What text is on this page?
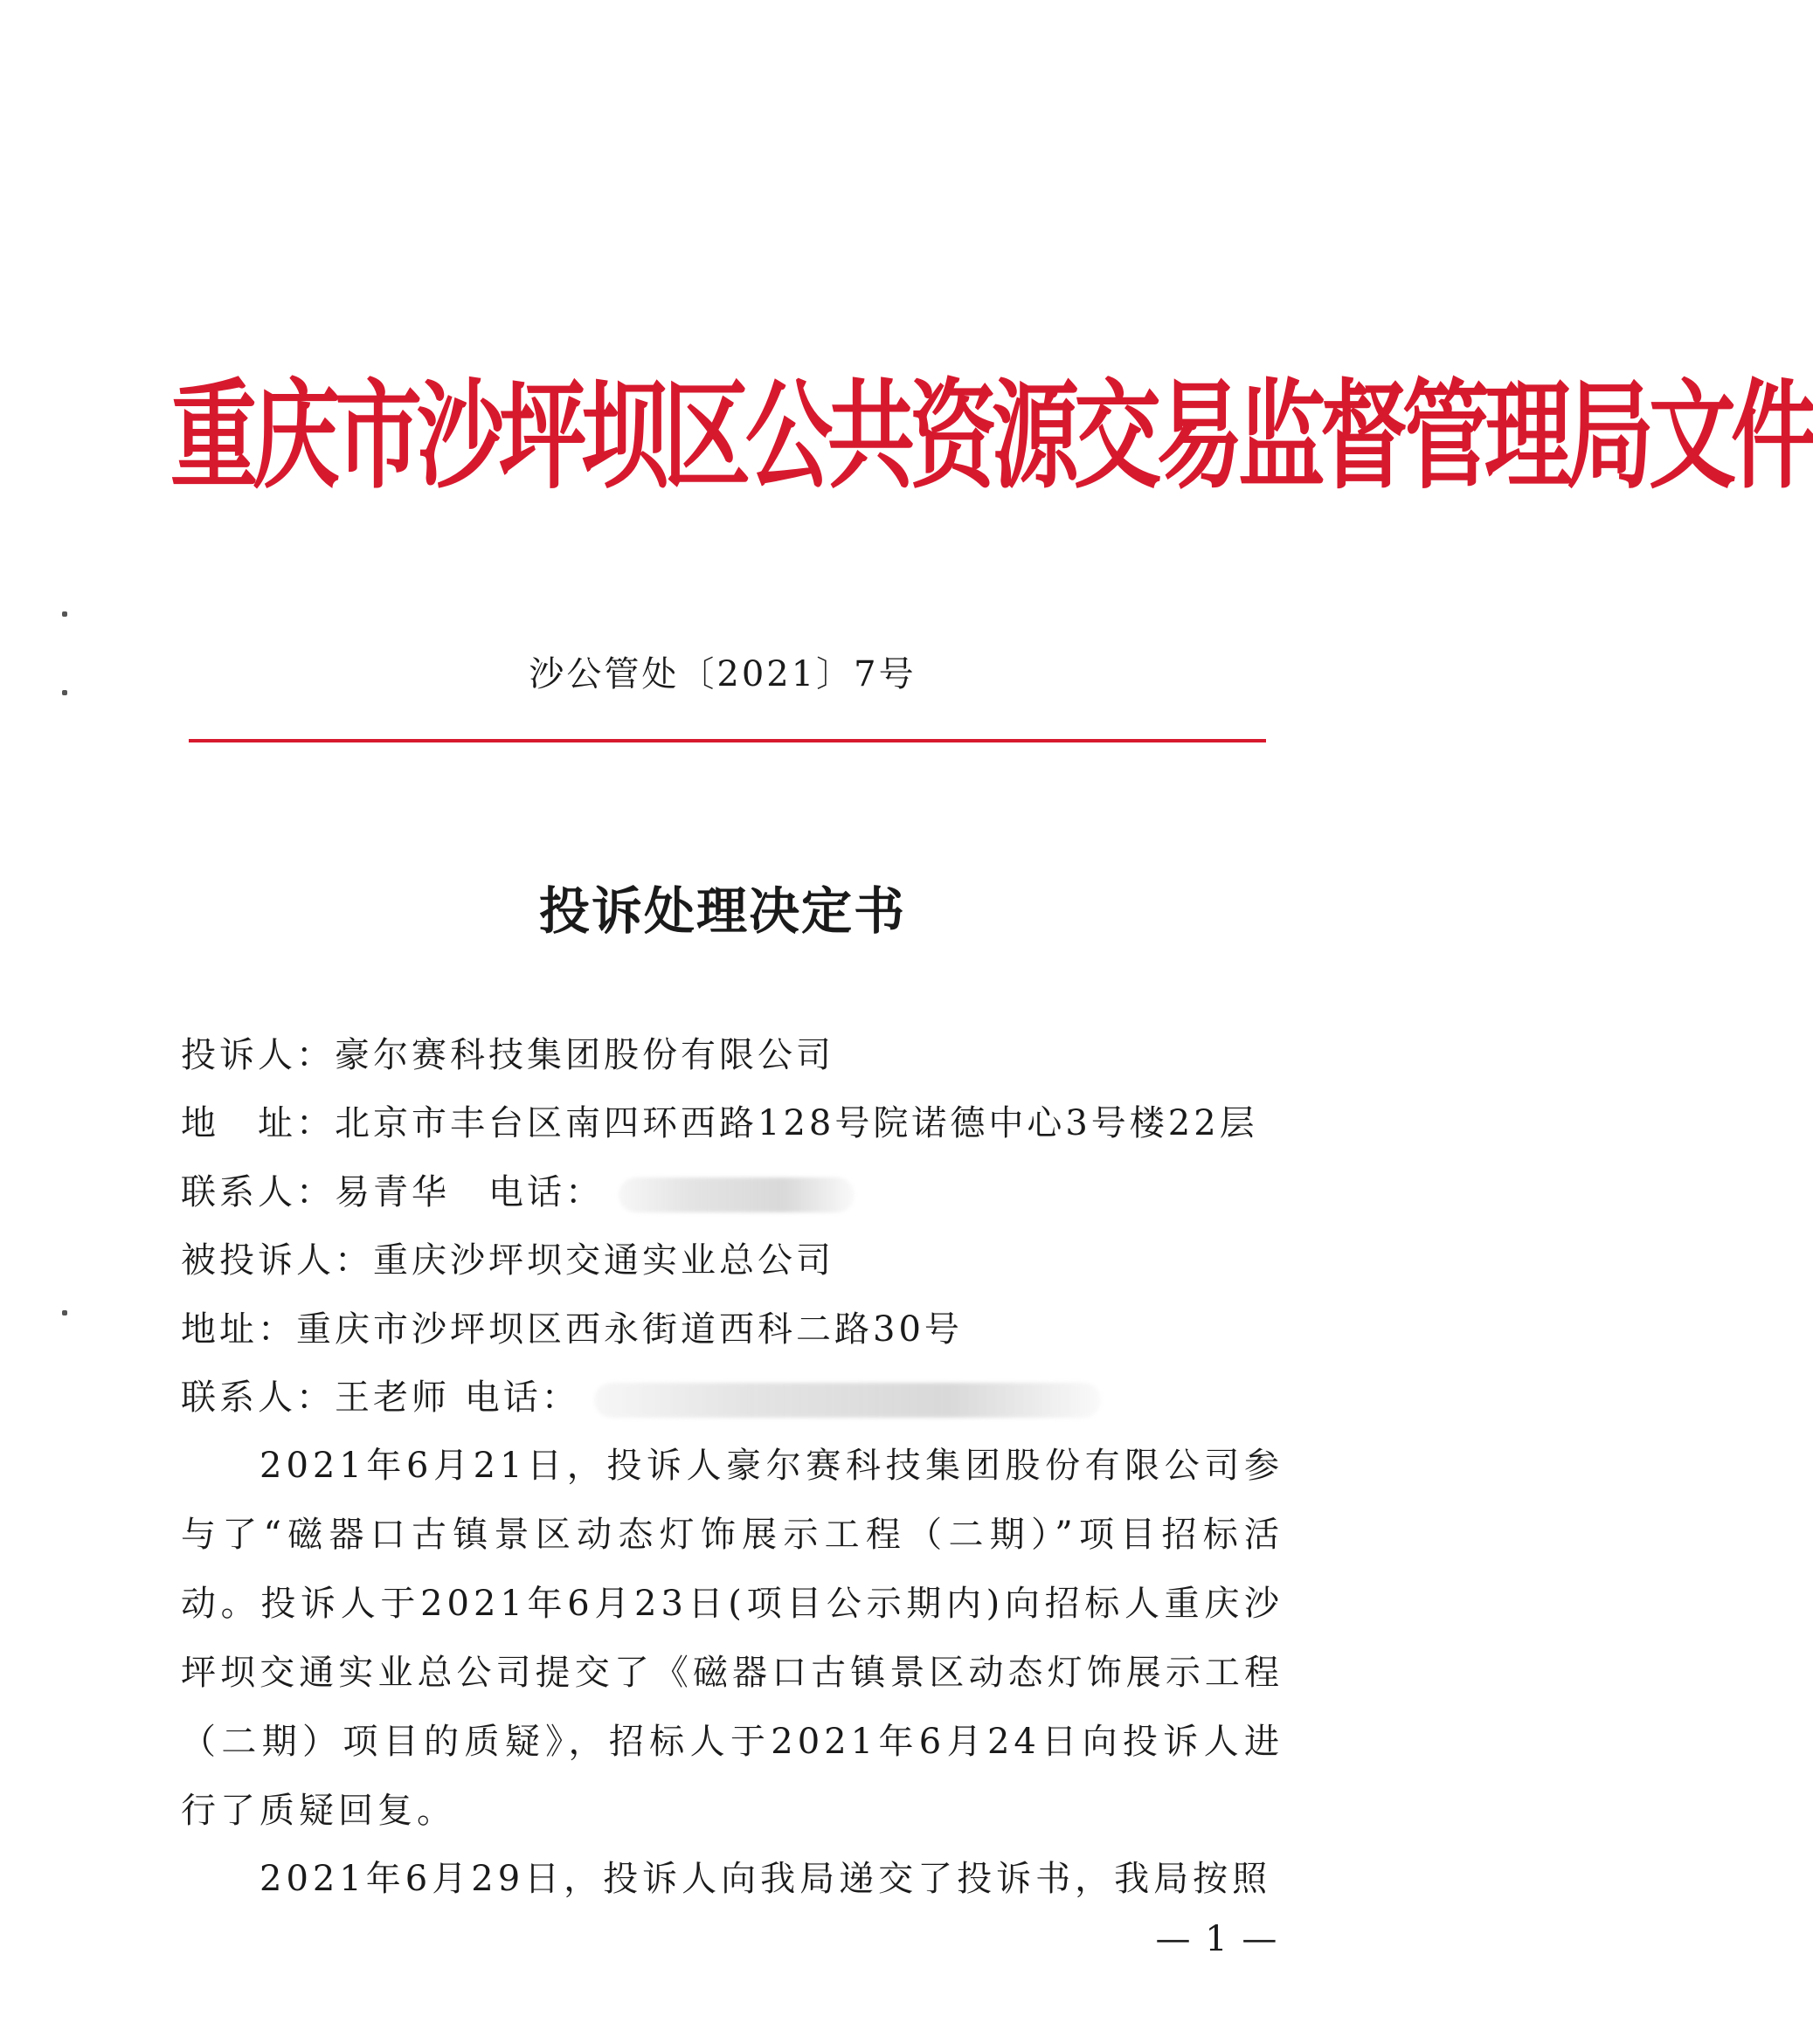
重庆市沙坪坝区公共资源交易监督管理局文件
沙公管处〔2021〕7号
投诉处理决定书
投诉人：豪尔赛科技集团股份有限公司
地　址：北京市丰台区南四环西路128号院诺德中心3号楼22层
联系人：易青华　电话：
被投诉人：重庆沙坪坝交通实业总公司
地址：重庆市沙坪坝区西永街道西科二路30号
联系人：王老师 电话：
2021年6月21日，投诉人豪尔赛科技集团股份有限公司参与了“磁器口古镇景区动态灯饰展示工程（二期）”项目招标活动。投诉人于2021年6月23日(项目公示期内)向招标人重庆沙坪坝交通实业总公司提交了《磁器口古镇景区动态灯饰展示工程（二期）项目的质疑》，招标人于2021年6月24日向投诉人进行了质疑回复。
2021年6月29日，投诉人向我局递交了投诉书，我局按照
— 1 —
